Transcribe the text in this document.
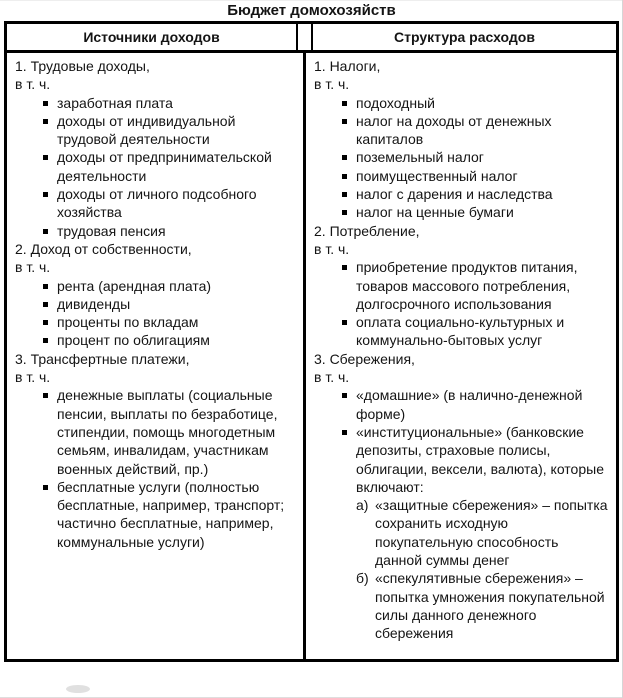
Бюджет домохозяйств
Источники доходов	Структура расходов
1. Трудовые доходы,
в т. ч.
заработная плата
доходы от индивидуальной трудовой деятельности
доходы от предпринимательской деятельности
доходы от личного подсобного хозяйства
трудовая пенсия
2. Доход от собственности,
в т. ч.
рента (арендная плата)
дивиденды
проценты по вкладам
процент по облигациям
3. Трансфертные платежи,
в т. ч.
денежные выплаты (социальные пенсии, выплаты по безработице, стипендии, помощь многодетным семьям, инвалидам, участникам военных действий, пр.)
бесплатные услуги (полностью бесплатные, например, транспорт; частично бесплатные, например, коммунальные услуги)
1. Налоги,
в т. ч.
подоходный
налог на доходы от денежных капиталов
поземельный налог
поимущественный налог
налог с дарения и наследства
налог на ценные бумаги
2. Потребление,
в т. ч.
приобретение продуктов питания, товаров массового потребления, долгосрочного использования
оплата социально-культурных и коммунально-бытовых услуг
3. Сбережения,
в т. ч.
«домашние» (в налично-денежной форме)
«институциональные» (банковские депозиты, страховые полисы, облигации, вексели, валюта), которые включают:
а) «защитные сбережения» – попытка сохранить исходную покупательную способность данной суммы денег
б) «спекулятивные сбережения» – попытка умножения покупательной силы данного денежного сбережения
